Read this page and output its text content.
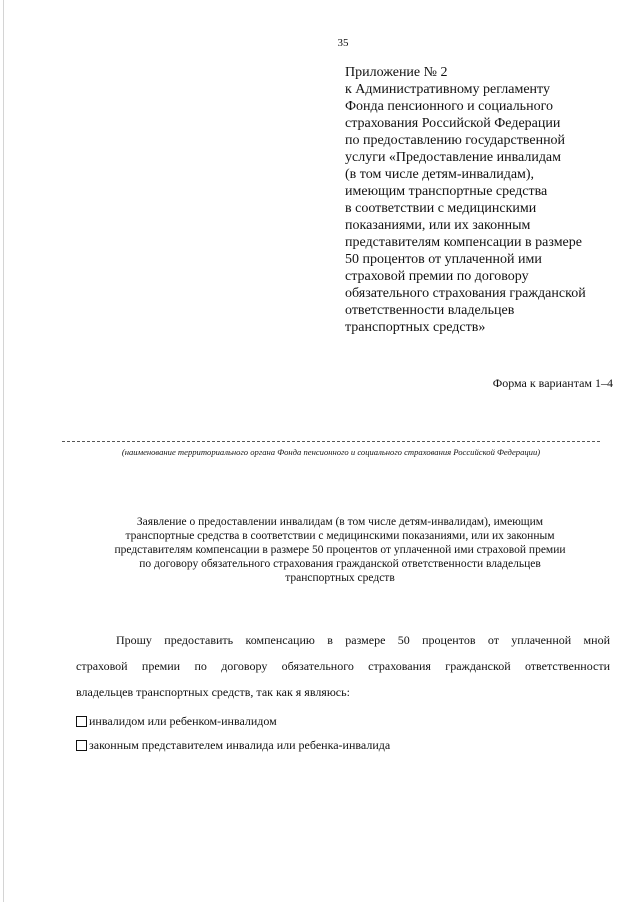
35
Приложение № 2
к Административному регламенту
Фонда пенсионного и социального
страхования Российской Федерации
по предоставлению государственной
услуги «Предоставление инвалидам
(в том числе детям-инвалидам),
имеющим транспортные средства
в соответствии с медицинскими
показаниями, или их законным
представителям компенсации в размере
50 процентов от уплаченной ими
страховой премии по договору
обязательного страхования гражданской
ответственности владельцев
транспортных средств»
Форма к вариантам 1–4
(наименование территориального органа Фонда пенсионного и социального страхования Российской Федерации)
Заявление о предоставлении инвалидам (в том числе детям-инвалидам), имеющим
транспортные средства в соответствии с медицинскими показаниями, или их законным
представителям компенсации в размере 50 процентов от уплаченной ими страховой премии
по договору обязательного страхования гражданской ответственности владельцев
транспортных средств
Прошу предоставить компенсацию в размере 50 процентов от уплаченной мной
страховой премии по договору обязательного страхования гражданской ответственности
владельцев транспортных средств, так как я являюсь:
инвалидом или ребенком-инвалидом
законным представителем инвалида или ребенка-инвалида
